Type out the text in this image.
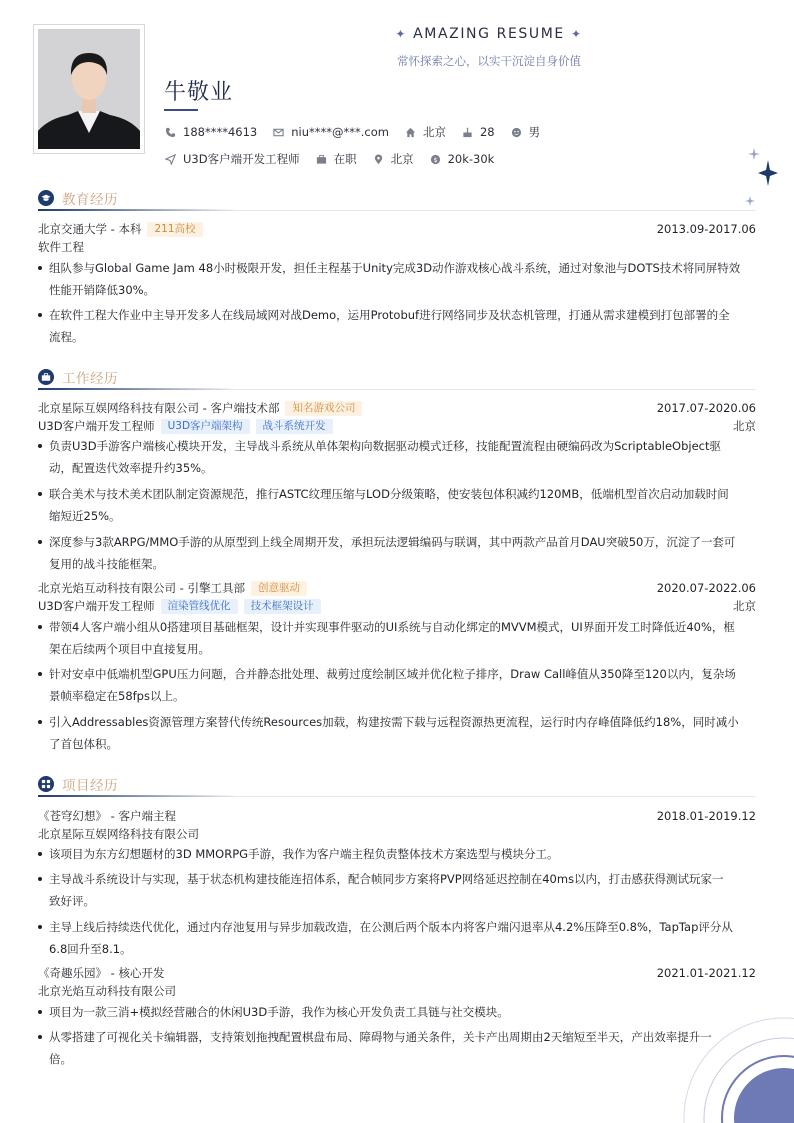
✦ AMAZING RESUME ✦
常怀探索之心，以实干沉淀自身价值
牛敬业
188****4613	niu****@***.com	北京	28	男
U3D客户端开发工程师	在职	北京	$ 20k-30k
教育经历
北京交通大学 - 本科	211高校	2013.09-2017.06
软件工程
组队参与Global Game Jam 48小时极限开发，担任主程基于Unity完成3D动作游戏核心战斗系统，通过对象池与DOTS技术将同屏特效
性能开销降低30%。
在软件工程大作业中主导开发多人在线局域网对战Demo，运用Protobuf进行网络同步及状态机管理，打通从需求建模到打包部署的全
流程。
工作经历
北京星际互娱网络科技有限公司 - 客户端技术部	知名游戏公司	2017.07-2020.06
U3D客户端开发工程师	U3D客户端架构	战斗系统开发	北京
负责U3D手游客户端核心模块开发，主导战斗系统从单体架构向数据驱动模式迁移，技能配置流程由硬编码改为ScriptableObject驱
动，配置迭代效率提升约35%。
联合美术与技术美术团队制定资源规范，推行ASTC纹理压缩与LOD分级策略，使安装包体积减约120MB，低端机型首次启动加载时间
缩短近25%。
深度参与3款ARPG/MMO手游的从原型到上线全周期开发，承担玩法逻辑编码与联调，其中两款产品首月DAU突破50万，沉淀了一套可
复用的战斗技能框架。
北京光焰互动科技有限公司 - 引擎工具部	创意驱动	2020.07-2022.06
U3D客户端开发工程师	渲染管线优化	技术框架设计	北京
带领4人客户端小组从0搭建项目基础框架，设计并实现事件驱动的UI系统与自动化绑定的MVVM模式，UI界面开发工时降低近40%，框
架在后续两个项目中直接复用。
针对安卓中低端机型GPU压力问题，合并静态批处理、裁剪过度绘制区域并优化粒子排序，Draw Call峰值从350降至120以内，复杂场
景帧率稳定在58fps以上。
引入Addressables资源管理方案替代传统Resources加载，构建按需下载与远程资源热更流程，运行时内存峰值降低约18%，同时减小
了首包体积。
项目经历
《苍穹幻想》 - 客户端主程	2018.01-2019.12
北京星际互娱网络科技有限公司
该项目为东方幻想题材的3D MMORPG手游，我作为客户端主程负责整体技术方案选型与模块分工。
主导战斗系统设计与实现，基于状态机构建技能连招体系，配合帧同步方案将PVP网络延迟控制在40ms以内，打击感获得测试玩家一
致好评。
主导上线后持续迭代优化，通过内存池复用与异步加载改造，在公测后两个版本内将客户端闪退率从4.2%压降至0.8%，TapTap评分从
6.8回升至8.1。
《奇趣乐园》 - 核心开发	2021.01-2021.12
北京光焰互动科技有限公司
项目为一款三消+模拟经营融合的休闲U3D手游，我作为核心开发负责工具链与社交模块。
从零搭建了可视化关卡编辑器，支持策划拖拽配置棋盘布局、障碍物与通关条件，关卡产出周期由2天缩短至半天，产出效率提升一
倍。
